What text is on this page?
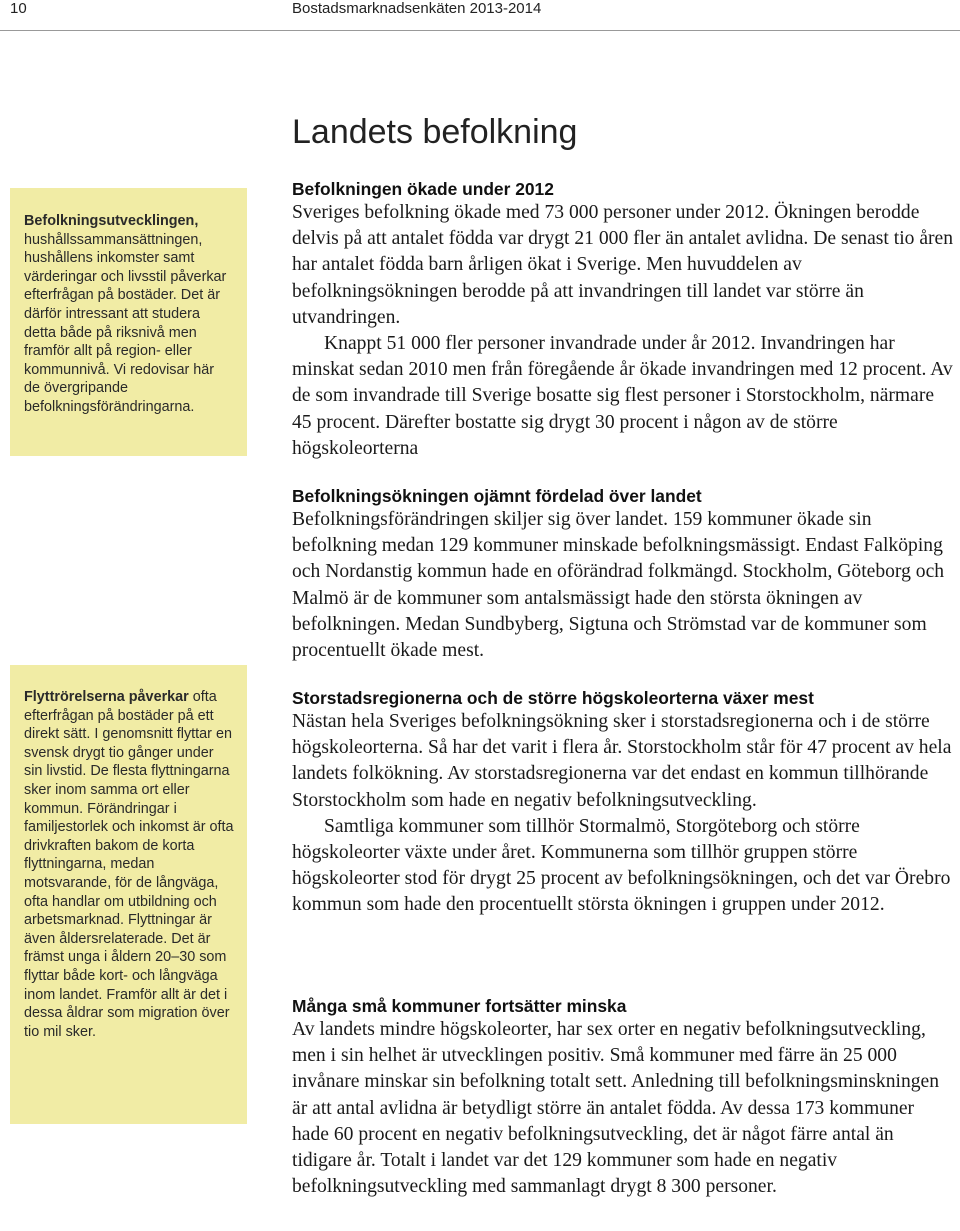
10	Bostadsmarknadsenkäten 2013-2014
Landets befolkning

Befolkningsutvecklingen, hushållssammansättningen, hushållens inkomster samt värderingar och livsstil påverkar efterfrågan på bostäder. Det är därför intressant att studera detta både på riksnivå men framför allt på region- eller kommunnivå. Vi redovisar här de övergripande befolkningsförändringarna.

Flyttrörelserna påverkar ofta efterfrågan på bostäder på ett direkt sätt. I genomsnitt flyttar en svensk drygt tio gånger under sin livstid. De flesta flyttningarna sker inom samma ort eller kommun. Förändringar i familjestorlek och inkomst är ofta drivkraften bakom de korta flyttningarna, medan motsvarande, för de långväga, ofta handlar om utbildning och arbetsmarknad. Flyttningar är även åldersrelaterade. Det är främst unga i åldern 20–30 som flyttar både kort- och långväga inom landet. Framför allt är det i dessa åldrar som migration över tio mil sker.

Befolkningen ökade under 2012

Sveriges befolkning ökade med 73 000 personer under 2012. Ökningen berodde delvis på att antalet födda var drygt 21 000 fler än antalet avlidna. De senast tio åren har antalet födda barn årligen ökat i Sverige. Men huvuddelen av befolkningsökningen berodde på att invandringen till landet var större än utvandringen.

Knappt 51 000 fler personer invandrade under år 2012. Invandringen har minskat sedan 2010 men från föregående år ökade invandringen med 12 procent. Av de som invandrade till Sverige bosatte sig flest personer i Storstockholm, närmare 45 procent. Därefter bostatte sig drygt 30 procent i någon av de större högskoleorterna

Befolkningsökningen ojämnt fördelad över landet

Befolkningsförändringen skiljer sig över landet. 159 kommuner ökade sin befolkning medan 129 kommuner minskade befolkningsmässigt. Endast Falköping och Nordanstig kommun hade en oförändrad folkmängd. Stockholm, Göteborg och Malmö är de kommuner som antalsmässigt hade den största ökningen av befolkningen. Medan Sundbyberg, Sigtuna och Strömstad var de kommuner som procentuellt ökade mest.

Storstadsregionerna och de större högskoleorterna växer mest

Nästan hela Sveriges befolkningsökning sker i storstadsregionerna och i de större högskoleorterna. Så har det varit i flera år. Storstockholm står för 47 procent av hela landets folkökning. Av storstadsregionerna var det endast en kommun tillhörande Storstockholm som hade en negativ befolkningsutveckling.

Samtliga kommuner som tillhör Stormalmö, Storgöteborg och större högskoleorter växte under året. Kommunerna som tillhör gruppen större högskoleorter stod för drygt 25 procent av befolkningsökningen, och det var Örebro kommun som hade den procentuellt största ökningen i gruppen under 2012.

Många små kommuner fortsätter minska

Av landets mindre högskoleorter, har sex orter en negativ befolkningsutveckling, men i sin helhet är utvecklingen positiv. Små kommuner med färre än 25 000 invånare minskar sin befolkning totalt sett. Anledning till befolkningsminskningen är att antal avlidna är betydligt större än antalet födda. Av dessa 173 kommuner hade 60 procent en negativ befolkningsutveckling, det är något färre antal än tidigare år. Totalt i landet var det 129 kommuner som hade en negativ befolkningsutveckling med sammanlagt drygt 8 300 personer.
